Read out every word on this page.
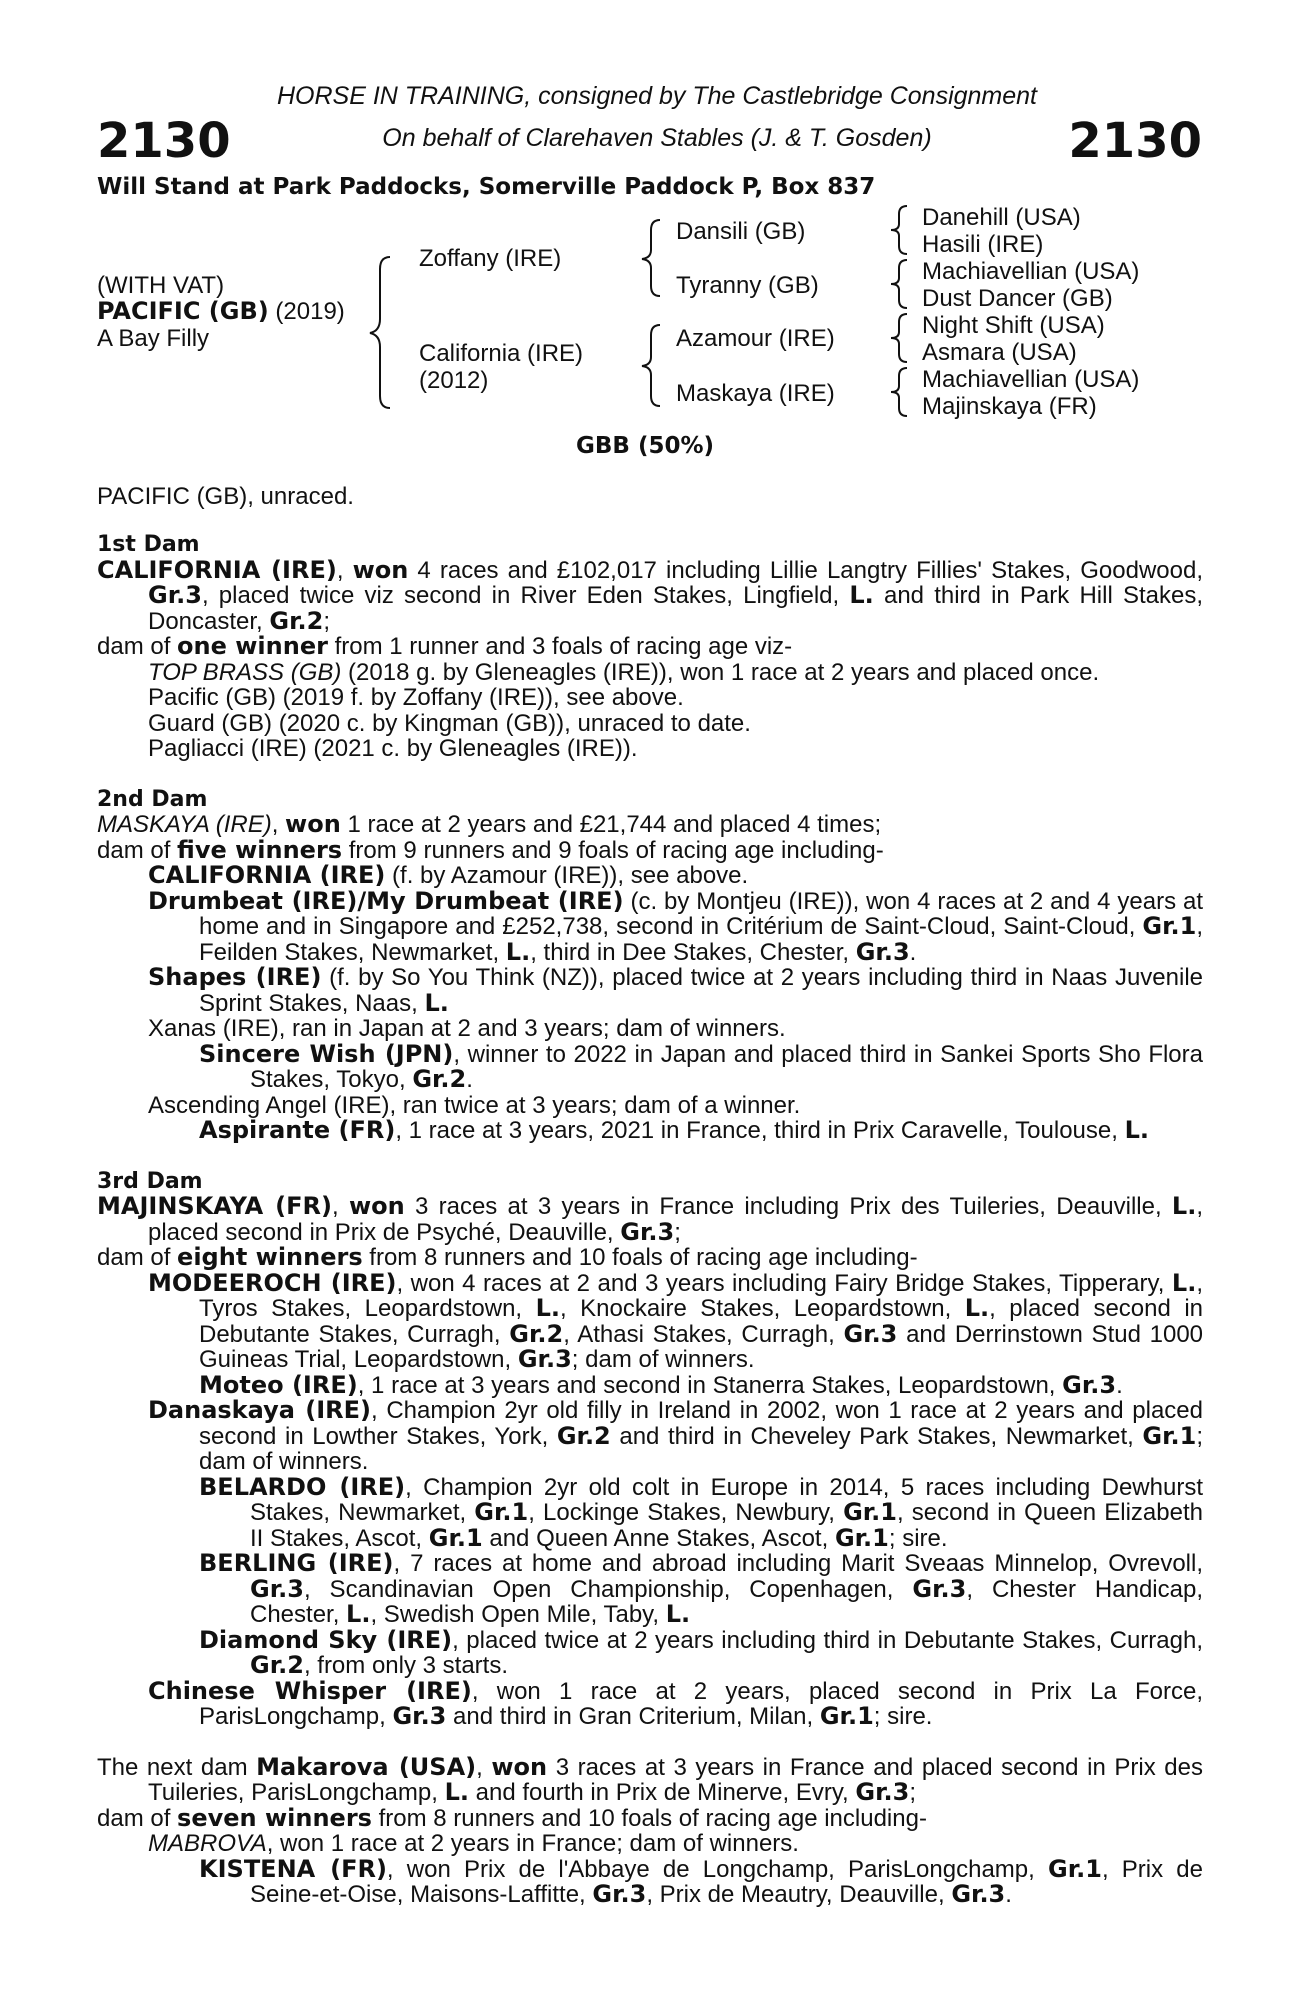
HORSE IN TRAINING, consigned by The Castlebridge Consignment
On behalf of Clarehaven Stables (J. & T. Gosden)
2130	2130
Will Stand at Park Paddocks, Somerville Paddock P, Box 837
(WITH VAT)
PACIFIC (GB) (2019)
A Bay Filly
Zoffany (IRE)
California (IRE)
(2012)
Dansili (GB)
Tyranny (GB)
Azamour (IRE)
Maskaya (IRE)
Danehill (USA)
Hasili (IRE)
Machiavellian (USA)
Dust Dancer (GB)
Night Shift (USA)
Asmara (USA)
Machiavellian (USA)
Majinskaya (FR)
GBB (50%)
PACIFIC (GB), unraced.
1st Dam
CALIFORNIA (IRE), won 4 races and £102,017 including Lillie Langtry Fillies' Stakes, Goodwood, Gr.3, placed twice viz second in River Eden Stakes, Lingfield, L. and third in Park Hill Stakes, Doncaster, Gr.2;
dam of one winner from 1 runner and 3 foals of racing age viz-
TOP BRASS (GB) (2018 g. by Gleneagles (IRE)), won 1 race at 2 years and placed once.
Pacific (GB) (2019 f. by Zoffany (IRE)), see above.
Guard (GB) (2020 c. by Kingman (GB)), unraced to date.
Pagliacci (IRE) (2021 c. by Gleneagles (IRE)).
2nd Dam
MASKAYA (IRE), won 1 race at 2 years and £21,744 and placed 4 times;
dam of five winners from 9 runners and 9 foals of racing age including-
CALIFORNIA (IRE) (f. by Azamour (IRE)), see above.
Drumbeat (IRE)/My Drumbeat (IRE) (c. by Montjeu (IRE)), won 4 races at 2 and 4 years at home and in Singapore and £252,738, second in Critérium de Saint-Cloud, Saint-Cloud, Gr.1, Feilden Stakes, Newmarket, L., third in Dee Stakes, Chester, Gr.3.
Shapes (IRE) (f. by So You Think (NZ)), placed twice at 2 years including third in Naas Juvenile Sprint Stakes, Naas, L.
Xanas (IRE), ran in Japan at 2 and 3 years; dam of winners.
Sincere Wish (JPN), winner to 2022 in Japan and placed third in Sankei Sports Sho Flora Stakes, Tokyo, Gr.2.
Ascending Angel (IRE), ran twice at 3 years; dam of a winner.
Aspirante (FR), 1 race at 3 years, 2021 in France, third in Prix Caravelle, Toulouse, L.
3rd Dam
MAJINSKAYA (FR), won 3 races at 3 years in France including Prix des Tuileries, Deauville, L., placed second in Prix de Psyché, Deauville, Gr.3;
dam of eight winners from 8 runners and 10 foals of racing age including-
MODEEROCH (IRE), won 4 races at 2 and 3 years including Fairy Bridge Stakes, Tipperary, L., Tyros Stakes, Leopardstown, L., Knockaire Stakes, Leopardstown, L., placed second in Debutante Stakes, Curragh, Gr.2, Athasi Stakes, Curragh, Gr.3 and Derrinstown Stud 1000 Guineas Trial, Leopardstown, Gr.3; dam of winners.
Moteo (IRE), 1 race at 3 years and second in Stanerra Stakes, Leopardstown, Gr.3.
Danaskaya (IRE), Champion 2yr old filly in Ireland in 2002, won 1 race at 2 years and placed second in Lowther Stakes, York, Gr.2 and third in Cheveley Park Stakes, Newmarket, Gr.1; dam of winners.
BELARDO (IRE), Champion 2yr old colt in Europe in 2014, 5 races including Dewhurst Stakes, Newmarket, Gr.1, Lockinge Stakes, Newbury, Gr.1, second in Queen Elizabeth II Stakes, Ascot, Gr.1 and Queen Anne Stakes, Ascot, Gr.1; sire.
BERLING (IRE), 7 races at home and abroad including Marit Sveaas Minnelop, Ovrevoll, Gr.3, Scandinavian Open Championship, Copenhagen, Gr.3, Chester Handicap, Chester, L., Swedish Open Mile, Taby, L.
Diamond Sky (IRE), placed twice at 2 years including third in Debutante Stakes, Curragh, Gr.2, from only 3 starts.
Chinese Whisper (IRE), won 1 race at 2 years, placed second in Prix La Force, ParisLongchamp, Gr.3 and third in Gran Criterium, Milan, Gr.1; sire.
The next dam Makarova (USA), won 3 races at 3 years in France and placed second in Prix des Tuileries, ParisLongchamp, L. and fourth in Prix de Minerve, Evry, Gr.3;
dam of seven winners from 8 runners and 10 foals of racing age including-
MABROVA, won 1 race at 2 years in France; dam of winners.
KISTENA (FR), won Prix de l'Abbaye de Longchamp, ParisLongchamp, Gr.1, Prix de Seine-et-Oise, Maisons-Laffitte, Gr.3, Prix de Meautry, Deauville, Gr.3.
